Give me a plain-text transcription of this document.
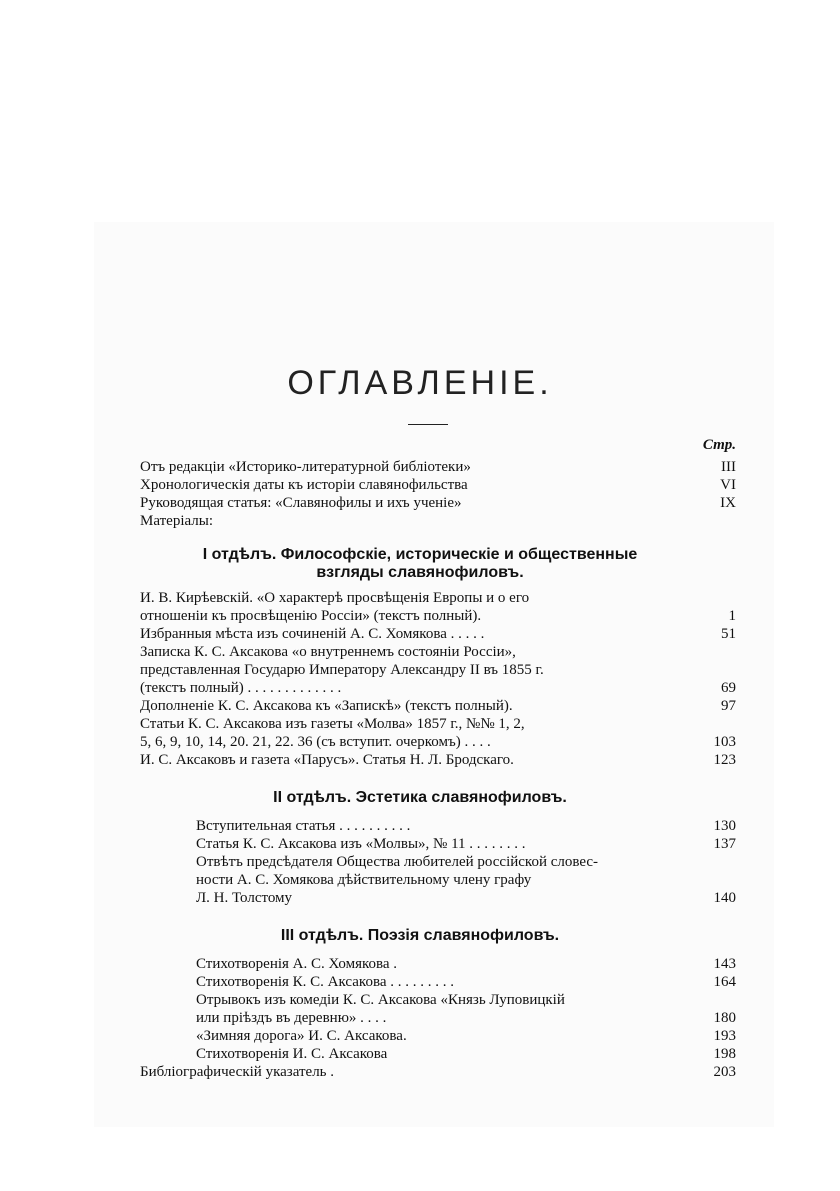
ОГЛАВЛЕНІЕ.
Стр.
Отъ редакціи «Историко-литературной библіотеки»	III
Хронологическія даты къ исторіи славянофильства	VI
Руководящая статья: «Славянофилы и ихъ ученіе»	IX
Матеріалы:
I отдѣлъ. Философскіе, историческіе и общественные
взгляды славянофиловъ.
И. В. Кирѣевскій. «О характерѣ просвѣщенія Европы и о его
отношеніи къ просвѣщенію Россіи» (текстъ полный).	1
Избранныя мѣста изъ сочиненій А. С. Хомякова . . . . .	51
Записка К. С. Аксакова «о внутреннемъ состояніи Россіи»,
представленная Государю Императору Александру II въ 1855 г.
(текстъ полный) . . . . . . . . . . . . .	69
Дополненіе К. С. Аксакова къ «Запискѣ» (текстъ полный).	97
Статьи К. С. Аксакова изъ газеты «Молва» 1857 г., №№ 1, 2,
5, 6, 9, 10, 14, 20. 21, 22. 36 (съ вступит. очеркомъ) . . . .	103
И. С. Аксаковъ и газета «Парусъ». Статья Н. Л. Бродскаго.	123
II отдѣлъ. Эстетика славянофиловъ.
Вступительная статья . . . . . . . . . .	130
Статья К. С. Аксакова изъ «Молвы», № 11 . . . . . . . .	137
Отвѣтъ предсѣдателя Общества любителей россійской словес-
ности А. С. Хомякова дѣйствительному члену графу
Л. Н. Толстому	140
III отдѣлъ. Поэзія славянофиловъ.
Стихотворенія А. С. Хомякова .	143
Стихотворенія К. С. Аксакова . . . . . . . . .	164
Отрывокъ изъ комедіи К. С. Аксакова «Князь Луповицкій
или пріѣздъ въ деревню» . . . .	180
«Зимняя дорога» И. С. Аксакова.	193
Стихотворенія И. С. Аксакова	198
Библіографическій указатель .	203
